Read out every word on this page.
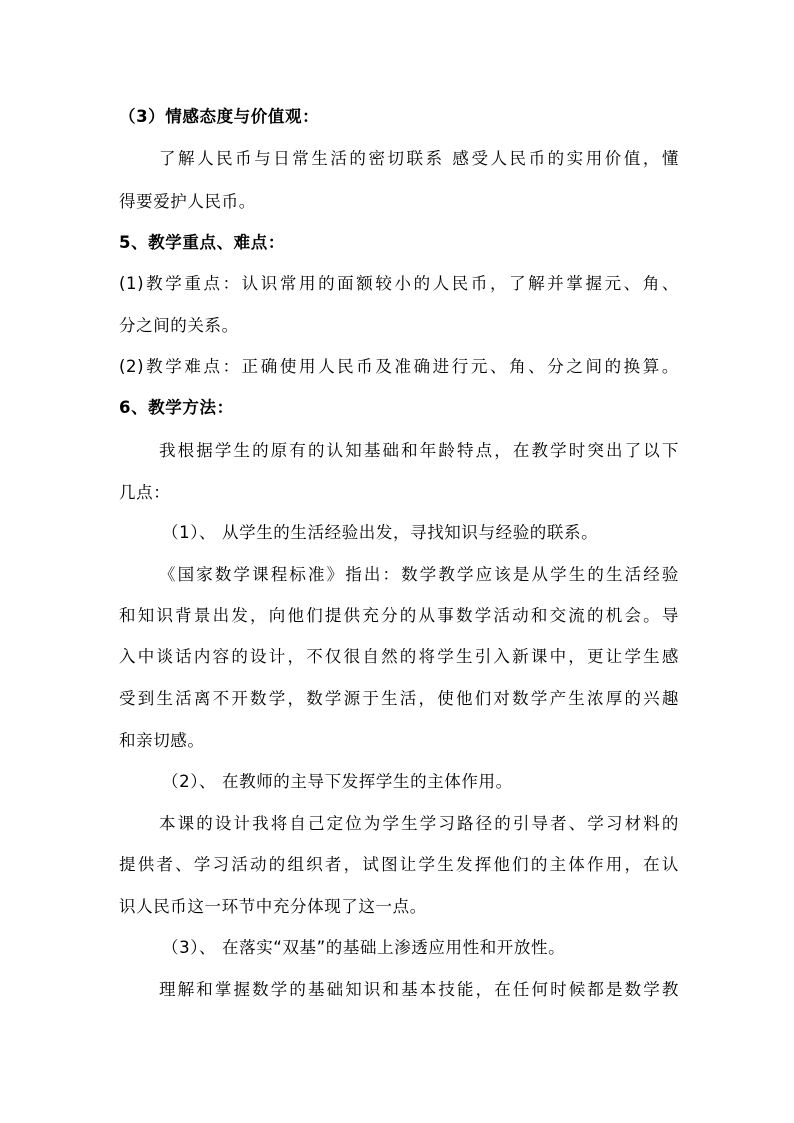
（3）情感态度与价值观：
了解人民币与日常生活的密切联系 感受人民币的实用价值，懂
得要爱护人民币。
5、教学重点、难点：
(1)教学重点：认识常用的面额较小的人民币，了解并掌握元、角、
分之间的关系。
(2)教学难点：正确使用人民币及准确进行元、角、分之间的换算。
6、教学方法：
我根据学生的原有的认知基础和年龄特点，在教学时突出了以下
几点：
（1）、 从学生的生活经验出发，寻找知识与经验的联系。
《国家数学课程标准》指出：数学教学应该是从学生的生活经验
和知识背景出发，向他们提供充分的从事数学活动和交流的机会。导
入中谈话内容的设计，不仅很自然的将学生引入新课中，更让学生感
受到生活离不开数学，数学源于生活，使他们对数学产生浓厚的兴趣
和亲切感。
（2）、 在教师的主导下发挥学生的主体作用。
本课的设计我将自己定位为学生学习路径的引导者、学习材料的
提供者、学习活动的组织者，试图让学生发挥他们的主体作用，在认
识人民币这一环节中充分体现了这一点。
（3）、 在落实“双基”的基础上渗透应用性和开放性。
理解和掌握数学的基础知识和基本技能，在任何时候都是数学教
